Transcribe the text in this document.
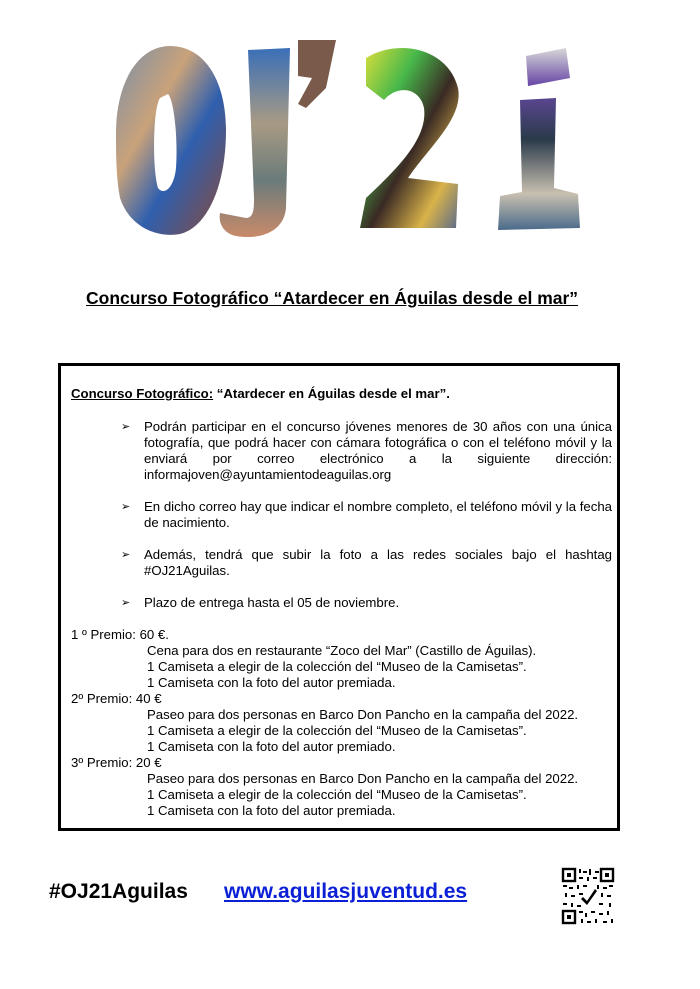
Concurso Fotográfico “Atardecer en Águilas desde el mar”
Concurso Fotográfico: “Atardecer en Águilas desde el mar”.
➢ Podrán participar en el concurso jóvenes menores de 30 años con una única fotografía, que podrá hacer con cámara fotográfica o con el teléfono móvil y la enviará por correo electrónico a la siguiente dirección: informajoven@ayuntamientodeaguilas.org
➢ En dicho correo hay que indicar el nombre completo, el teléfono móvil y la fecha de nacimiento.
➢ Además, tendrá que subir la foto a las redes sociales bajo el hashtag #OJ21Aguilas.
➢ Plazo de entrega hasta el 05 de noviembre.
1 º Premio: 60 €.
Cena para dos en restaurante “Zoco del Mar” (Castillo de Águilas).
1 Camiseta a elegir de la colección del “Museo de la Camisetas”.
1 Camiseta con la foto del autor premiada.
2º Premio: 40 €
Paseo para dos personas en Barco Don Pancho en la campaña del 2022.
1 Camiseta a elegir de la colección del “Museo de la Camisetas”.
1 Camiseta con la foto del autor premiado.
3º Premio: 20 €
Paseo para dos personas en Barco Don Pancho en la campaña del 2022.
1 Camiseta a elegir de la colección del “Museo de la Camisetas”.
1 Camiseta con la foto del autor premiada.
#OJ21Aguilas www.aguilasjuventud.es
